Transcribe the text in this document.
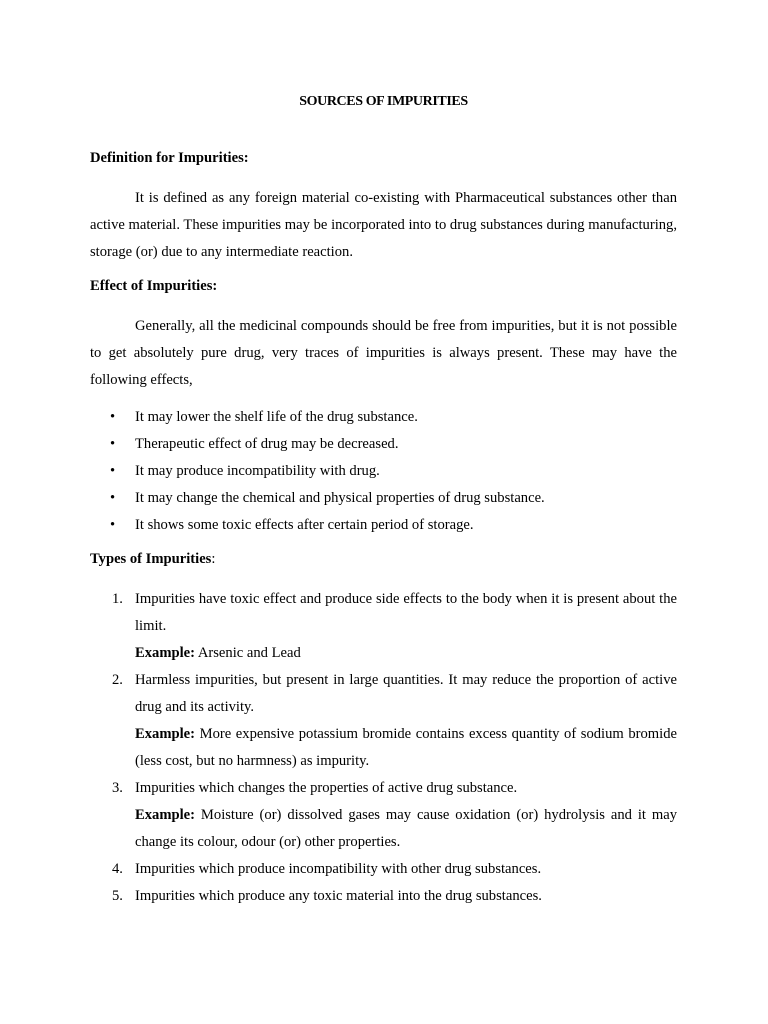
SOURCES OF IMPURITIES
Definition for Impurities:

It is defined as any foreign material co-existing with Pharmaceutical substances other than active material. These impurities may be incorporated into to drug substances during manufacturing, storage (or) due to any intermediate reaction.

Effect of Impurities:

Generally, all the medicinal compounds should be free from impurities, but it is not possible to get absolutely pure drug, very traces of impurities is always present. These may have the following effects,

• It may lower the shelf life of the drug substance.
• Therapeutic effect of drug may be decreased.
• It may produce incompatibility with drug.
• It may change the chemical and physical properties of drug substance.
• It shows some toxic effects after certain period of storage.
Types of Impurities:
1. Impurities have toxic effect and produce side effects to the body when it is present about the limit.
Example: Arsenic and Lead
2. Harmless impurities, but present in large quantities. It may reduce the proportion of active drug and its activity.
Example: More expensive potassium bromide contains excess quantity of sodium bromide (less cost, but no harmness) as impurity.
3. Impurities which changes the properties of active drug substance.
Example: Moisture (or) dissolved gases may cause oxidation (or) hydrolysis and it may change its colour, odour (or) other properties.
4. Impurities which produce incompatibility with other drug substances.
5. Impurities which produce any toxic material into the drug substances.
